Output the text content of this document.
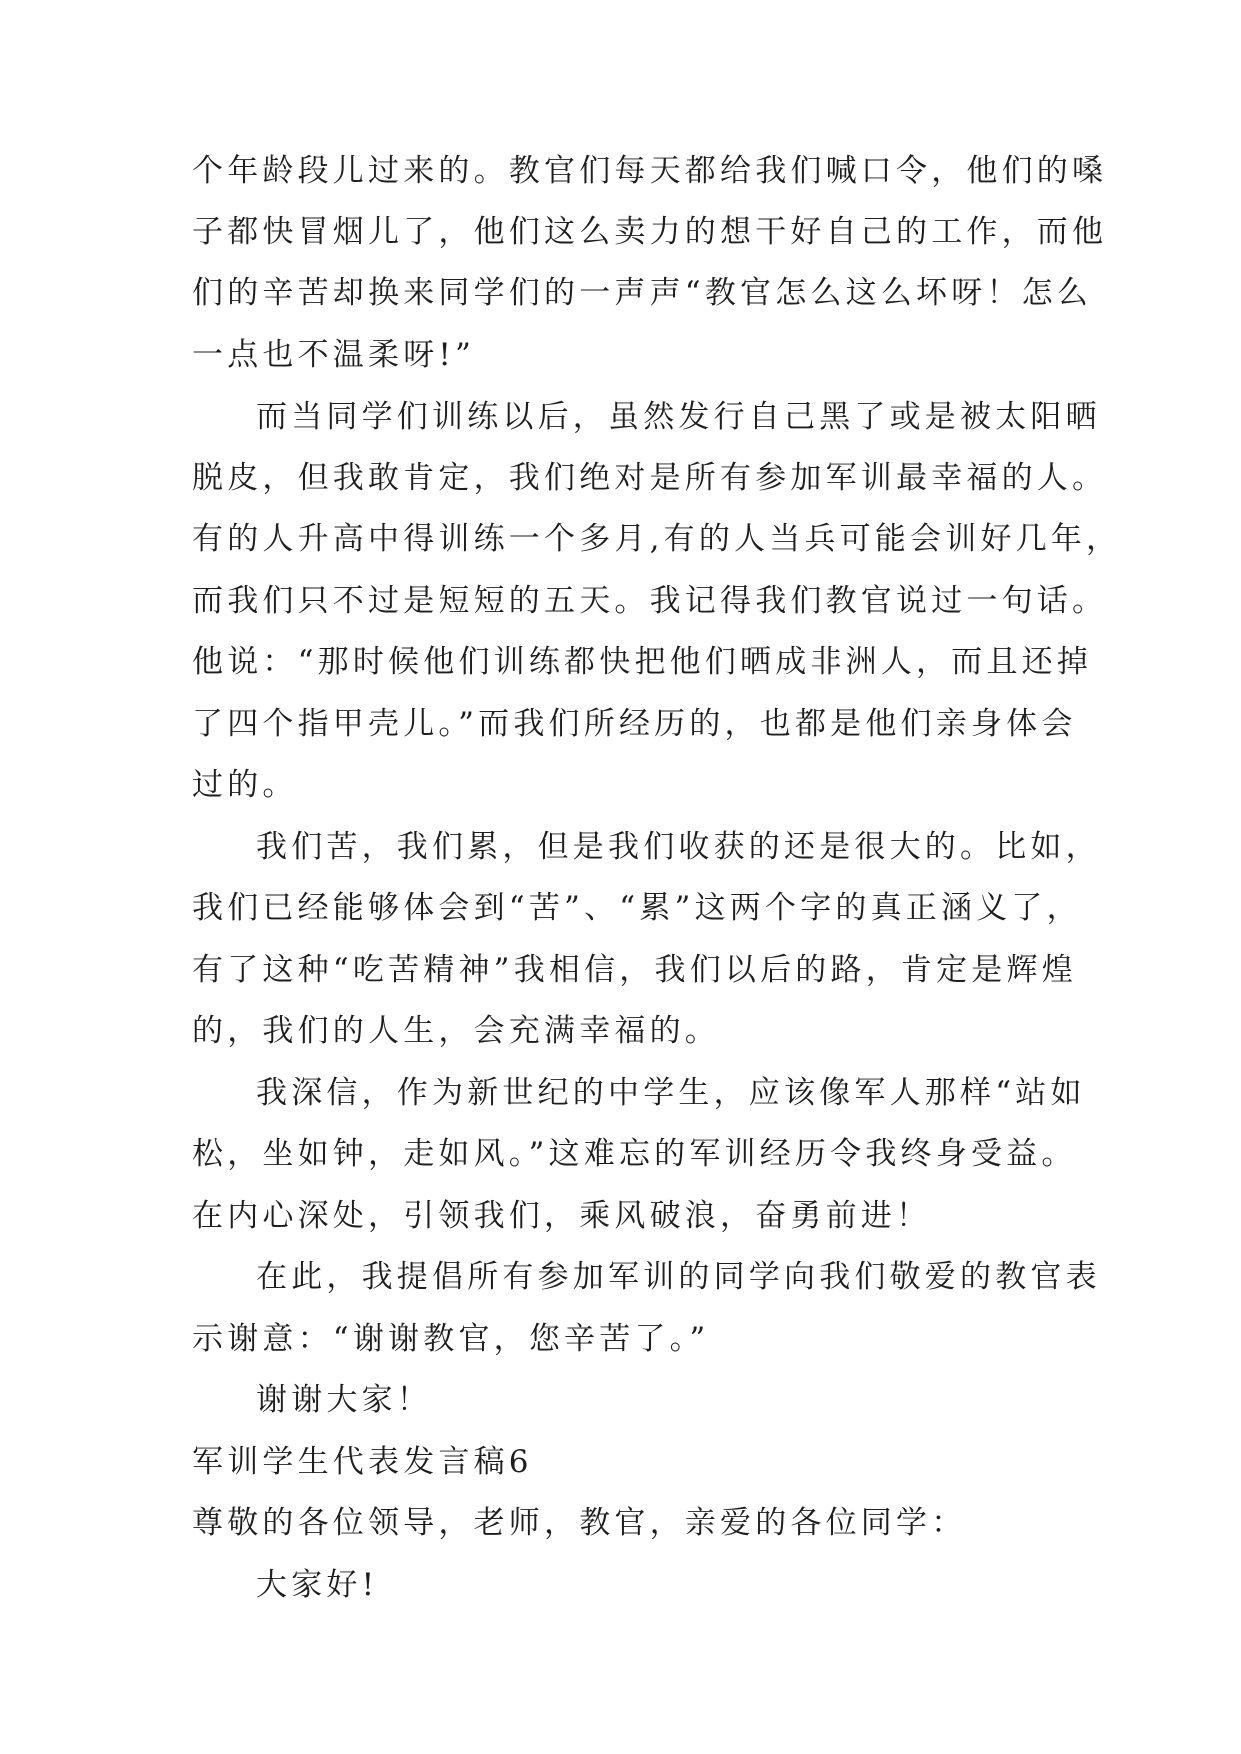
个年龄段儿过来的。教官们每天都给我们喊口令，他们的嗓
子都快冒烟儿了，他们这么卖力的想干好自己的工作，而他
们的辛苦却换来同学们的一声声“教官怎么这么坏呀！怎么
一点也不温柔呀!”
而当同学们训练以后，虽然发行自己黑了或是被太阳晒
脱皮，但我敢肯定，我们绝对是所有参加军训最幸福的人。
有的人升高中得训练一个多月,有的人当兵可能会训好几年，
而我们只不过是短短的五天。我记得我们教官说过一句话。
他说：“那时候他们训练都快把他们晒成非洲人，而且还掉
了四个指甲壳儿。”而我们所经历的，也都是他们亲身体会
过的。
我们苦，我们累，但是我们收获的还是很大的。比如，
我们已经能够体会到“苦”、“累”这两个字的真正涵义了，
有了这种“吃苦精神”我相信，我们以后的路，肯定是辉煌
的，我们的人生，会充满幸福的。
我深信，作为新世纪的中学生，应该像军人那样“站如
松，坐如钟，走如风。”这难忘的军训经历令我终身受益。
在内心深处，引领我们，乘风破浪，奋勇前进！
在此，我提倡所有参加军训的同学向我们敬爱的教官表
示谢意：“谢谢教官，您辛苦了。”
谢谢大家！
军训学生代表发言稿6
尊敬的各位领导，老师，教官，亲爱的各位同学：
大家好!
